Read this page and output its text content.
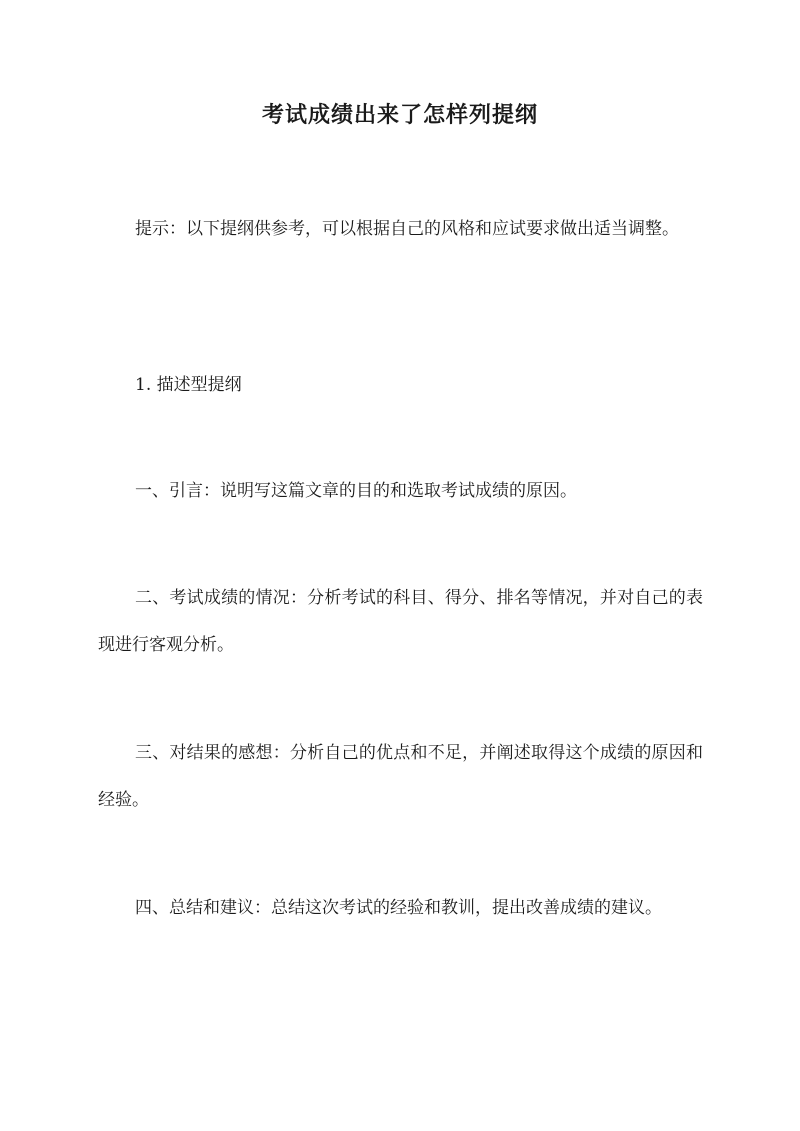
考试成绩出来了怎样列提纲

提示：以下提纲供参考，可以根据自己的风格和应试要求做出适当调整。

1. 描述型提纲

一、引言：说明写这篇文章的目的和选取考试成绩的原因。

二、考试成绩的情况：分析考试的科目、得分、排名等情况，并对自己的表现进行客观分析。

三、对结果的感想：分析自己的优点和不足，并阐述取得这个成绩的原因和经验。

四、总结和建议：总结这次考试的经验和教训，提出改善成绩的建议。
